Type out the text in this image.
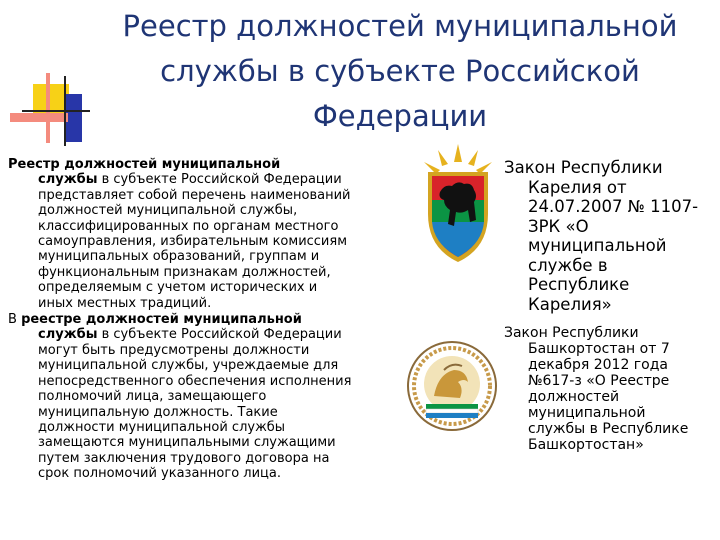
Реестр должностей муниципальной
службы в субъекте Российской
Федерации
Реестр должностей муниципальной
службы в субъекте Российской Федерации
представляет собой перечень наименований
должностей муниципальной службы,
классифицированных по органам местного
самоуправления, избирательным комиссиям
муниципальных образований, группам и
функциональным признакам должностей,
определяемым с учетом исторических и
иных местных традиций.
В реестре должностей муниципальной
службы в субъекте Российской Федерации
могут быть предусмотрены должности
муниципальной службы, учреждаемые для
непосредственного обеспечения исполнения
полномочий лица, замещающего
муниципальную должность. Такие
должности муниципальной службы
замещаются муниципальными служащими
путем заключения трудового договора на
срок полномочий указанного лица.
Закон Республики
Карелия от
24.07.2007 № 1107-
ЗРК «О
муниципальной
службе в
Республике
Карелия»
Закон Республики
Башкортостан от 7
декабря 2012 года
№617-з «О Реестре
должностей
муниципальной
службы в Республике
Башкортостан»
